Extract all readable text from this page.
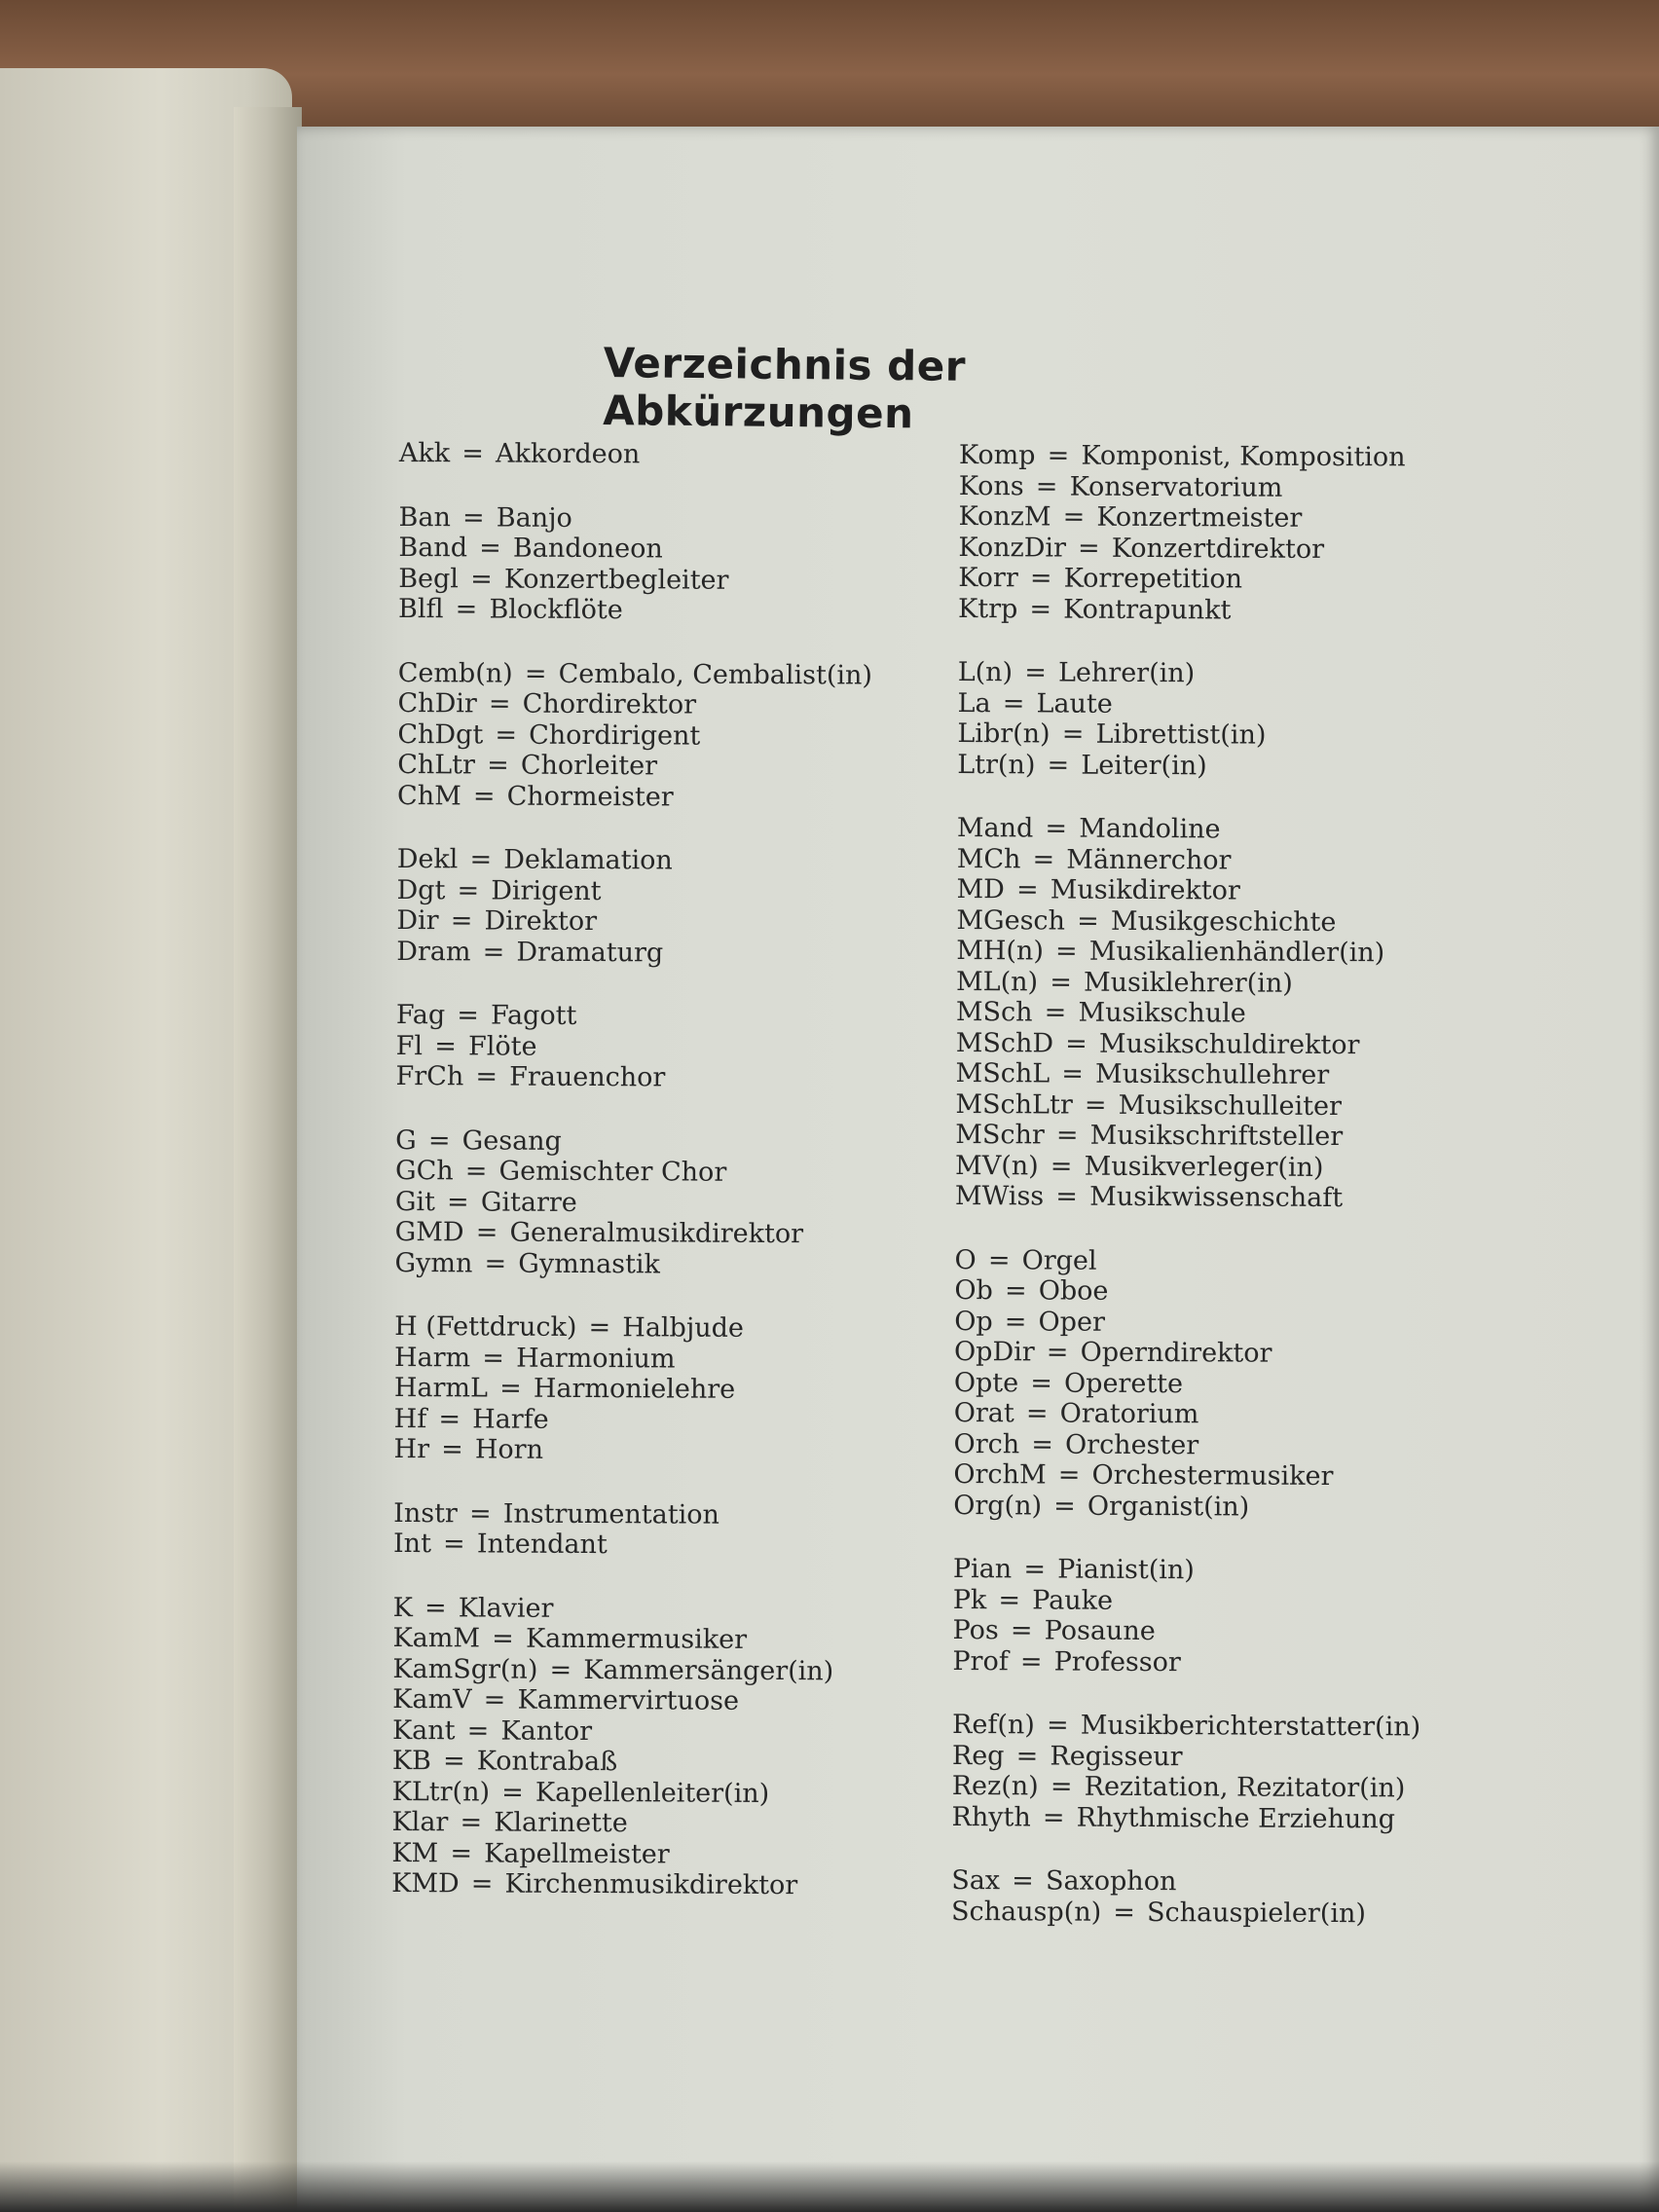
Verzeichnis der Abkürzungen
Akk = Akkordeon
Ban = Banjo
Band = Bandoneon
Begl = Konzertbegleiter
Blfl = Blockflöte
Cemb(n) = Cembalo, Cembalist(in)
ChDir = Chordirektor
ChDgt = Chordirigent
ChLtr = Chorleiter
ChM = Chormeister
Dekl = Deklamation
Dgt = Dirigent
Dir = Direktor
Dram = Dramaturg
Fag = Fagott
Fl = Flöte
FrCh = Frauenchor
G = Gesang
GCh = Gemischter Chor
Git = Gitarre
GMD = Generalmusikdirektor
Gymn = Gymnastik
H (Fettdruck) = Halbjude
Harm = Harmonium
HarmL = Harmonielehre
Hf = Harfe
Hr = Horn
Instr = Instrumentation
Int = Intendant
K = Klavier
KamM = Kammermusiker
KamSgr(n) = Kammersänger(in)
KamV = Kammervirtuose
Kant = Kantor
KB = Kontrabaß
KLtr(n) = Kapellenleiter(in)
Klar = Klarinette
KM = Kapellmeister
KMD = Kirchenmusikdirektor
Komp = Komponist, Komposition
Kons = Konservatorium
KonzM = Konzertmeister
KonzDir = Konzertdirektor
Korr = Korrepetition
Ktrp = Kontrapunkt
L(n) = Lehrer(in)
La = Laute
Libr(n) = Librettist(in)
Ltr(n) = Leiter(in)
Mand = Mandoline
MCh = Männerchor
MD = Musikdirektor
MGesch = Musikgeschichte
MH(n) = Musikalienhändler(in)
ML(n) = Musiklehrer(in)
MSch = Musikschule
MSchD = Musikschuldirektor
MSchL = Musikschullehrer
MSchLtr = Musikschulleiter
MSchr = Musikschriftsteller
MV(n) = Musikverleger(in)
MWiss = Musikwissenschaft
O = Orgel
Ob = Oboe
Op = Oper
OpDir = Operndirektor
Opte = Operette
Orat = Oratorium
Orch = Orchester
OrchM = Orchestermusiker
Org(n) = Organist(in)
Pian = Pianist(in)
Pk = Pauke
Pos = Posaune
Prof = Professor
Ref(n) = Musikberichterstatter(in)
Reg = Regisseur
Rez(n) = Rezitation, Rezitator(in)
Rhyth = Rhythmische Erziehung
Sax = Saxophon
Schausp(n) = Schauspieler(in)
